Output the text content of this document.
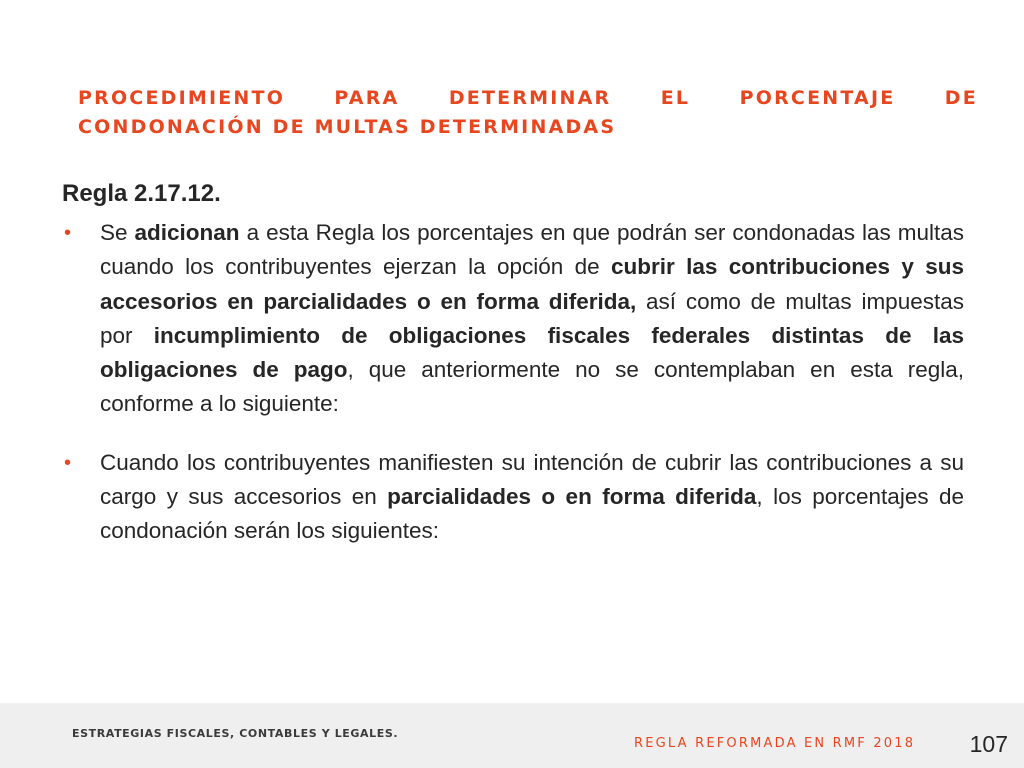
PROCEDIMIENTO	PARA	DETERMINAR	EL	PORCENTAJE	DE
CONDONACIÓN DE MULTAS DETERMINADAS
Regla 2.17.12.
•	Se adicionan a esta Regla los porcentajes en que podrán ser condonadas las multas cuando los contribuyentes ejerzan la opción de cubrir las contribuciones y sus accesorios en parcialidades o en forma diferida, así como de multas impuestas por incumplimiento de obligaciones fiscales federales distintas de las obligaciones de pago, que anteriormente no se contemplaban en esta regla, conforme a lo siguiente:
•	Cuando los contribuyentes manifiesten su intención de cubrir las contribuciones a su cargo y sus accesorios en parcialidades o en forma diferida, los porcentajes de condonación serán los siguientes:
ESTRATEGIAS FISCALES, CONTABLES Y LEGALES.
REGLA REFORMADA EN RMF 2018 107
